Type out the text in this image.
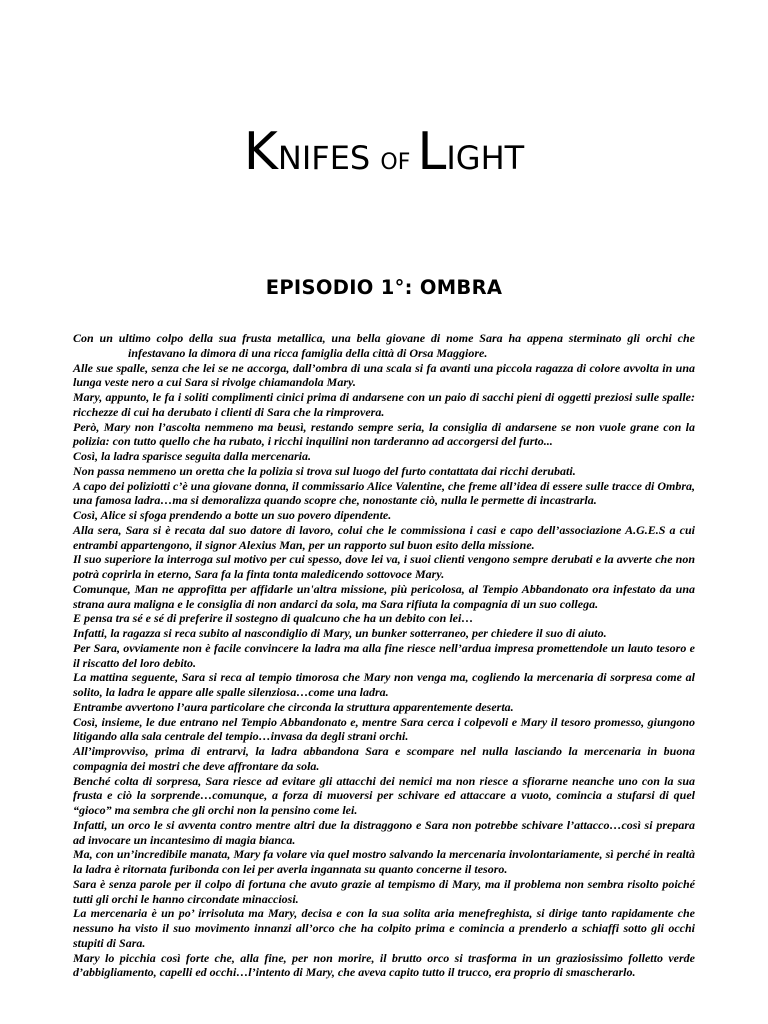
KNIFES OF LIGHT
EPISODIO 1°: OMBRA

Con un ultimo colpo della sua frusta metallica, una bella giovane di nome Sara ha appena sterminato gli orchi che infestavano la dimora di una ricca famiglia della città di Orsa Maggiore.

Alle sue spalle, senza che lei se ne accorga, dall’ombra di una scala si fa avanti una piccola ragazza di colore avvolta in una lunga veste nero a cui Sara si rivolge chiamandola Mary.

Mary, appunto, le fa i soliti complimenti cinici prima di andarsene con un paio di sacchi pieni di oggetti preziosi sulle spalle: ricchezze di cui ha derubato i clienti di Sara che la rimprovera.

Però, Mary non l’ascolta nemmeno ma beusì, restando sempre seria, la consiglia di andarsene se non vuole grane con la polizia: con tutto quello che ha rubato, i ricchi inquilini non tarderanno ad accorgersi del furto...

Così, la ladra sparisce seguita dalla mercenaria.

Non passa nemmeno un oretta che la polizia si trova sul luogo del furto contattata dai ricchi derubati.

A capo dei poliziotti c’è una giovane donna, il commissario Alice Valentine, che freme all’idea di essere sulle tracce di Ombra, una famosa ladra…ma si demoralizza quando scopre che, nonostante ciò, nulla le permette di incastrarla.

Così, Alice si sfoga prendendo a botte un suo povero dipendente.

Alla sera, Sara si è recata dal suo datore di lavoro, colui che le commissiona i casi e capo dell’associazione A.G.E.S a cui entrambi appartengono, il signor Alexius Man, per un rapporto sul buon esito della missione.

Il suo superiore la interroga sul motivo per cui spesso, dove lei va, i suoi clienti vengono sempre derubati e la avverte che non potrà coprirla in eterno, Sara fa la finta tonta maledicendo sottovoce Mary.

Comunque, Man ne approfitta per affidarle un'altra missione, più pericolosa, al Tempio Abbandonato ora infestato da una strana aura maligna e le consiglia di non andarci da sola, ma Sara rifiuta la compagnia di un suo collega.

E pensa tra sé e sé di preferire il sostegno di qualcuno che ha un debito con lei…

Infatti, la ragazza si reca subito al nascondiglio di Mary, un bunker sotterraneo, per chiedere il suo di aiuto.

Per Sara, ovviamente non è facile convincere la ladra ma alla fine riesce nell’ardua impresa promettendole un lauto tesoro e il riscatto del loro debito.

La mattina seguente, Sara si reca al tempio timorosa che Mary non venga ma, cogliendo la mercenaria di sorpresa come al solito, la ladra le appare alle spalle silenziosa…come una ladra.

Entrambe avvertono l’aura particolare che circonda la struttura apparentemente deserta.

Così, insieme, le due entrano nel Tempio Abbandonato e, mentre Sara cerca i colpevoli e Mary il tesoro promesso, giungono litigando alla sala centrale del tempio…invasa da degli strani orchi.

All’improvviso, prima di entrarvi, la ladra abbandona Sara e scompare nel nulla lasciando la mercenaria in buona compagnia dei mostri che deve affrontare da sola.

Benché colta di sorpresa, Sara riesce ad evitare gli attacchi dei nemici ma non riesce a sfiorarne neanche uno con la sua frusta e ciò la sorprende…comunque, a forza di muoversi per schivare ed attaccare a vuoto, comincia a stufarsi di quel “gioco” ma sembra che gli orchi non la pensino come lei.

Infatti, un orco le si avventa contro mentre altri due la distraggono e Sara non potrebbe schivare l’attacco…così si prepara ad invocare un incantesimo di magia bianca.

Ma, con un’incredibile manata, Mary fa volare via quel mostro salvando la mercenaria involontariamente, sì perché in realtà la ladra è ritornata furibonda con lei per averla ingannata su quanto concerne il tesoro.

Sara è senza parole per il colpo di fortuna che avuto grazie al tempismo di Mary, ma il problema non sembra risolto poiché tutti gli orchi le hanno circondate minacciosi.

La mercenaria è un po’ irrisoluta ma Mary, decisa e con la sua solita aria menefreghista, si dirige tanto rapidamente che nessuno ha visto il suo movimento innanzi all’orco che ha colpito prima e comincia a prenderlo a schiaffi sotto gli occhi stupiti di Sara.

Mary lo picchia così forte che, alla fine, per non morire, il brutto orco si trasforma in un graziosissimo folletto verde d’abbigliamento, capelli ed occhi…l’intento di Mary, che aveva capito tutto il trucco, era proprio di smascherarlo.
